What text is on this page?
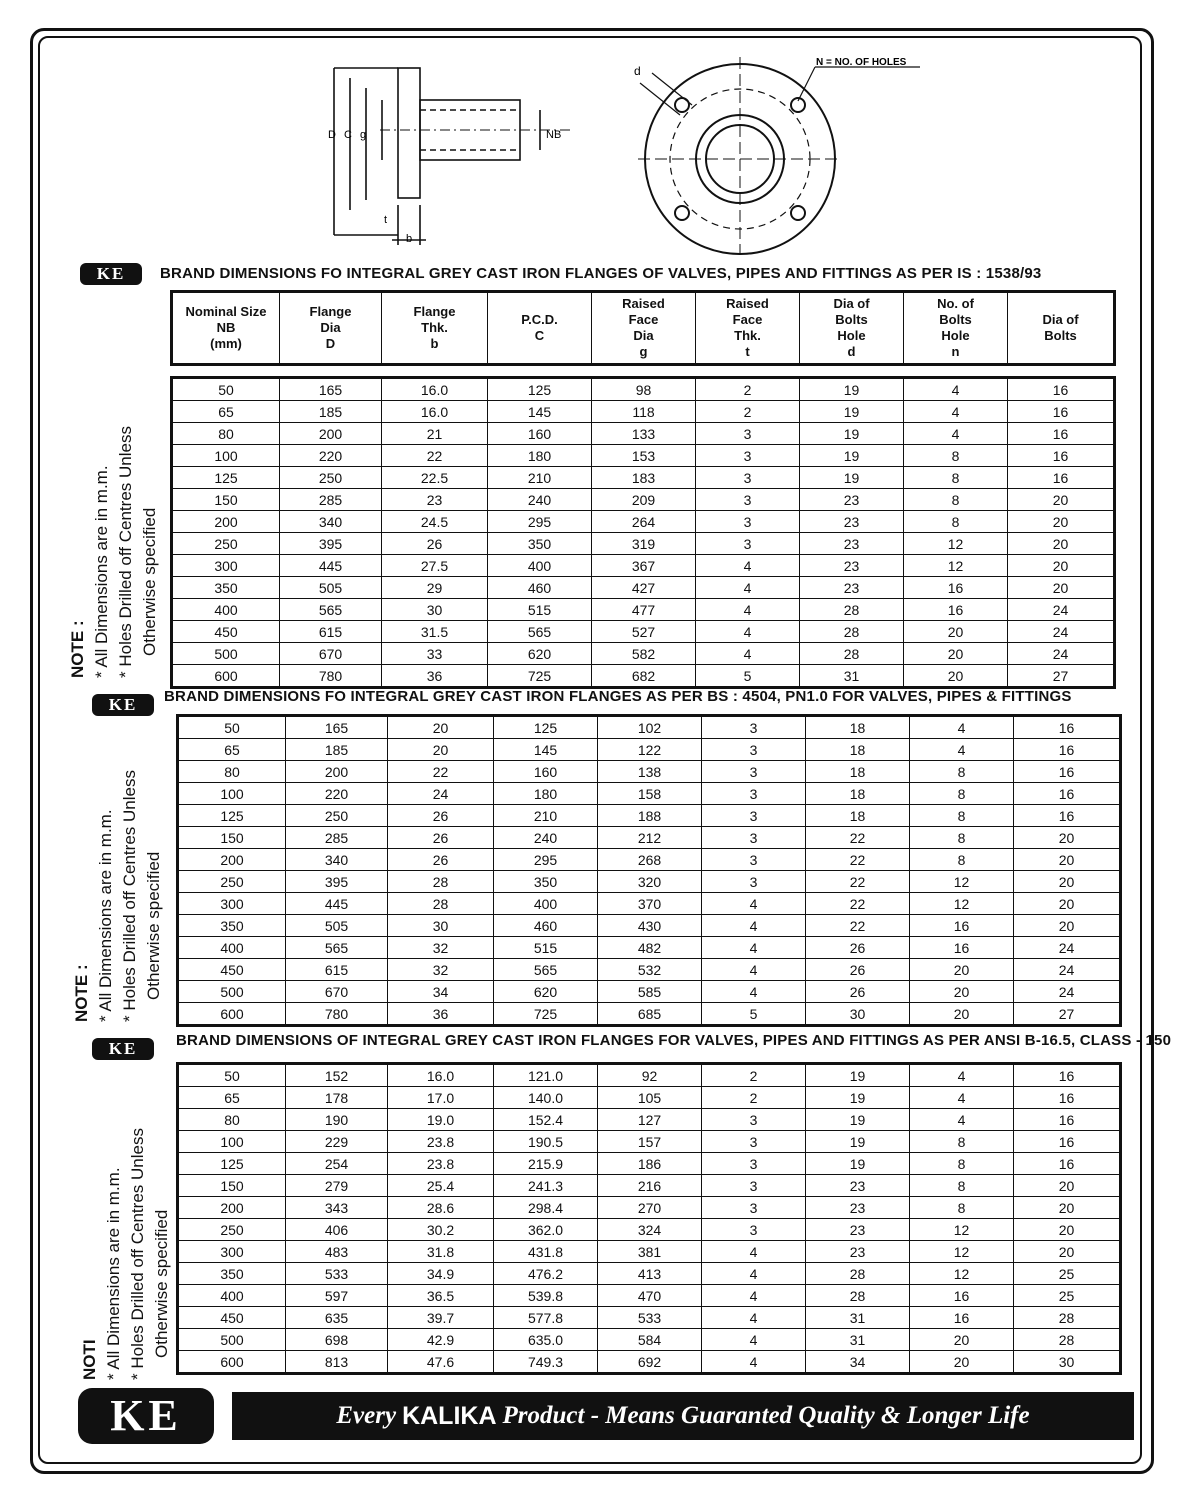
D C g
t
b
NB
d
N = NO. OF HOLES
KE	BRAND DIMENSIONS FO INTEGRAL GREY CAST IRON FLANGES OF VALVES, PIPES AND FITTINGS AS PER IS : 1538/93
Nominal Size
NB
(mm)

Flange
Dia
D

Flange
Thk.
b

P.C.D.
C

Raised
Face
Dia
g

Raised
Face
Thk.
t

Dia of
Bolts
Hole
d

No. of
Bolts
Hole
n

Dia of
Bolts
50	165	16.0	125	98	2	19	4	16
65	185	16.0	145	118	2	19	4	16
80	200	21	160	133	3	19	4	16
100	220	22	180	153	3	19	8	16
125	250	22.5	210	183	3	19	8	16
150	285	23	240	209	3	23	8	20
200	340	24.5	295	264	3	23	8	20
250	395	26	350	319	3	23	12	20
300	445	27.5	400	367	4	23	12	20
350	505	29	460	427	4	23	16	20
400	565	30	515	477	4	28	16	24
450	615	31.5	565	527	4	28	20	24
500	670	33	620	582	4	28	20	24
600	780	36	725	682	5	31	20	27
NOTE : * All Dimensions are in m.m. * Holes Drilled off Centres Unless Otherwise specified
KE	BRAND DIMENSIONS FO INTEGRAL GREY CAST IRON FLANGES AS PER BS : 4504, PN1.0 FOR VALVES, PIPES & FITTINGS
50	165	20	125	102	3	18	4	16
65	185	20	145	122	3	18	4	16
80	200	22	160	138	3	18	8	16
100	220	24	180	158	3	18	8	16
125	250	26	210	188	3	18	8	16
150	285	26	240	212	3	22	8	20
200	340	26	295	268	3	22	8	20
250	395	28	350	320	3	22	12	20
300	445	28	400	370	4	22	12	20
350	505	30	460	430	4	22	16	20
400	565	32	515	482	4	26	16	24
450	615	32	565	532	4	26	20	24
500	670	34	620	585	4	26	20	24
600	780	36	725	685	5	30	20	27
NOTE : * All Dimensions are in m.m. * Holes Drilled off Centres Unless Otherwise specified
KE	BRAND DIMENSIONS OF INTEGRAL GREY CAST IRON FLANGES FOR VALVES, PIPES AND FITTINGS AS PER ANSI B-16.5, CLASS - 150
50	152	16.0	121.0	92	2	19	4	16
65	178	17.0	140.0	105	2	19	4	16
80	190	19.0	152.4	127	3	19	4	16
100	229	23.8	190.5	157	3	19	8	16
125	254	23.8	215.9	186	3	19	8	16
150	279	25.4	241.3	216	3	23	8	20
200	343	28.6	298.4	270	3	23	8	20
250	406	30.2	362.0	324	3	23	12	20
300	483	31.8	431.8	381	4	23	12	20
350	533	34.9	476.2	413	4	28	12	25
400	597	36.5	539.8	470	4	28	16	25
450	635	39.7	577.8	533	4	31	16	28
500	698	42.9	635.0	584	4	31	20	28
600	813	47.6	749.3	692	4	34	20	30
NOTI * All Dimensions are in m.m. * Holes Drilled off Centres Unless Otherwise specified
KE	Every KALIKA Product - Means Guaranted Quality & Longer Life
